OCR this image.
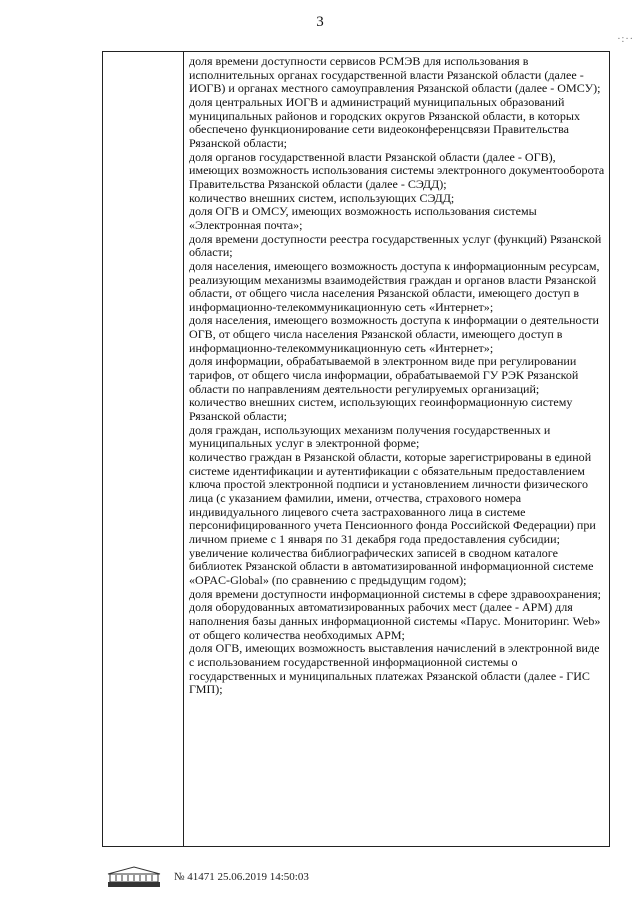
3
·:··

доля времени доступности сервисов РСМЭВ для использования в исполнительных органах государственной власти Рязанской области (далее - ИОГВ) и органах местного самоуправления Рязанской области (далее - ОМСУ);

доля центральных ИОГВ и администраций муниципальных образований муниципальных районов и городских округов Рязанской области, в которых обеспечено функционирование сети видеоконференцсвязи Правительства Рязанской области;

доля органов государственной власти Рязанской области (далее - ОГВ), имеющих возможность использования системы электронного документооборота Правительства Рязанской области (далее - СЭДД);

количество внешних систем, использующих СЭДД;

доля ОГВ и ОМСУ, имеющих возможность использования системы «Электронная почта»;

доля времени доступности реестра государственных услуг (функций) Рязанской области;

доля населения, имеющего возможность доступа к информационным ресурсам, реализующим механизмы взаимодействия граждан и органов власти Рязанской области, от общего числа населения Рязанской области, имеющего доступ в информационно-телекоммуникационную сеть «Интернет»;

доля населения, имеющего возможность доступа к информации о деятельности ОГВ, от общего числа населения Рязанской области, имеющего доступ в информационно-телекоммуникационную сеть «Интернет»;

доля информации, обрабатываемой в электронном виде при регулировании тарифов, от общего числа информации, обрабатываемой ГУ РЭК Рязанской области по направлениям деятельности регулируемых организаций;

количество внешних систем, использующих геоинформационную систему Рязанской области;

доля граждан, использующих механизм получения государственных и муниципальных услуг в электронной форме;

количество граждан в Рязанской области, которые зарегистрированы в единой системе идентификации и аутентификации с обязательным предоставлением ключа простой электронной подписи и установлением личности физического лица (с указанием фамилии, имени, отчества, страхового номера индивидуального лицевого счета застрахованного лица в системе персонифицированного учета Пенсионного фонда Российской Федерации) при личном приеме с 1 января по 31 декабря года предоставления субсидии;

увеличение количества библиографических записей в сводном каталоге библиотек Рязанской области в автоматизированной информационной системе «OPAC-Global» (по сравнению с предыдущим годом);

доля времени доступности информационной системы в сфере здравоохранения;

доля оборудованных автоматизированных рабочих мест (далее - АРМ) для наполнения базы данных информационной системы «Парус. Мониторинг. Web» от общего количества необходимых АРМ;

доля ОГВ, имеющих возможность выставления начислений в электронной виде с использованием государственной информационной системы о государственных и муниципальных платежах Рязанской области (далее - ГИС ГМП);

№ 41471 25.06.2019 14:50:03
